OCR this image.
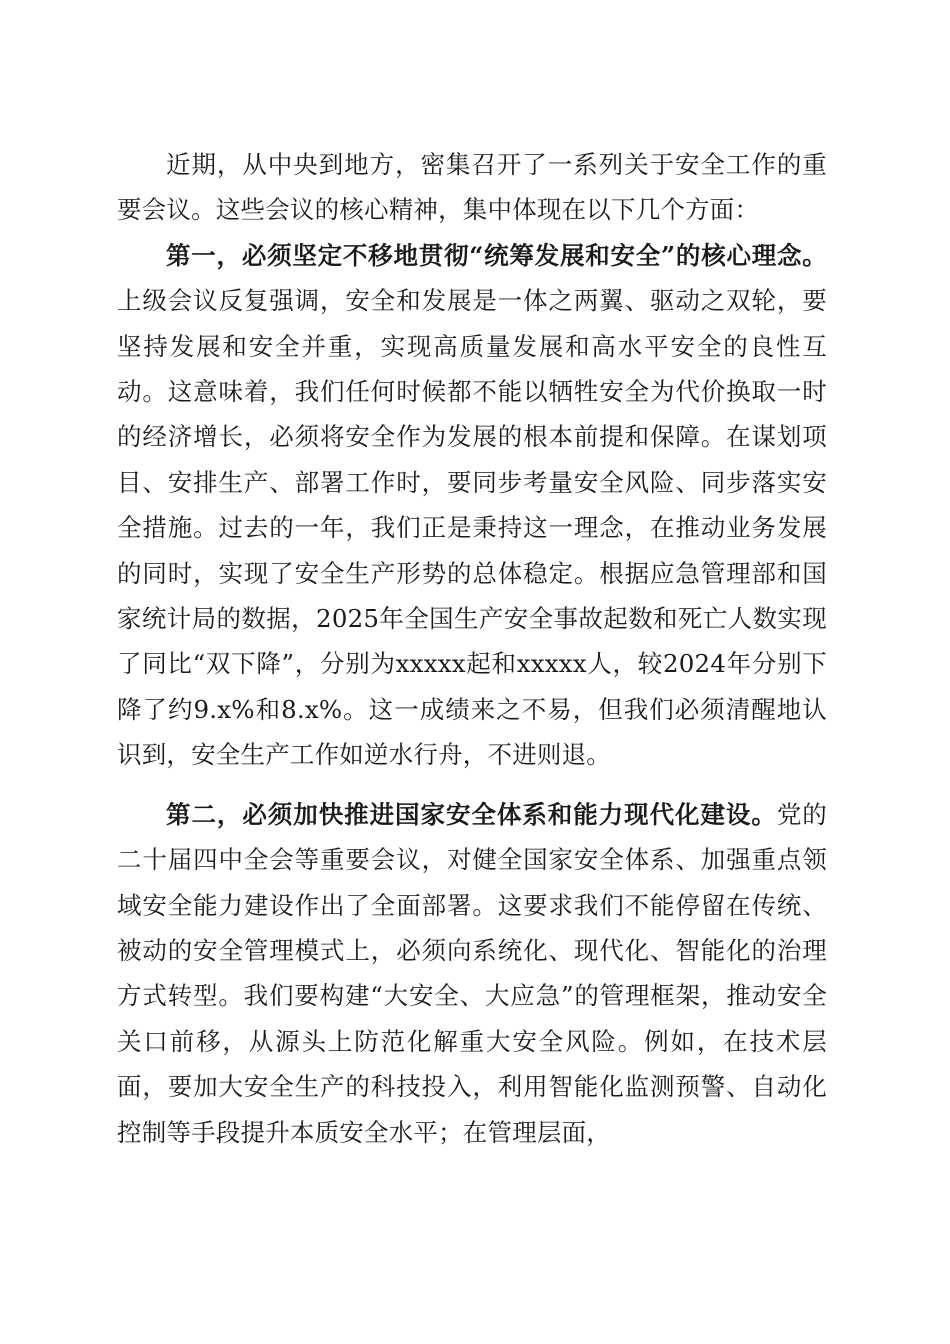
近期，从中央到地方，密集召开了一系列关于安全工作的重要会议。这些会议的核心精神，集中体现在以下几个方面：

第一，必须坚定不移地贯彻“统筹发展和安全”的核心理念。上级会议反复强调，安全和发展是一体之两翼、驱动之双轮，要坚持发展和安全并重，实现高质量发展和高水平安全的良性互动。这意味着，我们任何时候都不能以牺牲安全为代价换取一时的经济增长，必须将安全作为发展的根本前提和保障。在谋划项目、安排生产、部署工作时，要同步考量安全风险、同步落实安全措施。过去的一年，我们正是秉持这一理念，在推动业务发展的同时，实现了安全生产形势的总体稳定。根据应急管理部和国家统计局的数据，2025年全国生产安全事故起数和死亡人数实现了同比“双下降”，分别为xxxxx起和xxxxx人，较2024年分别下降了约9.x%和8.x%。这一成绩来之不易，但我们必须清醒地认识到，安全生产工作如逆水行舟，不进则退。

第二，必须加快推进国家安全体系和能力现代化建设。党的二十届四中全会等重要会议，对健全国家安全体系、加强重点领域安全能力建设作出了全面部署。这要求我们不能停留在传统、被动的安全管理模式上，必须向系统化、现代化、智能化的治理方式转型。我们要构建“大安全、大应急”的管理框架，推动安全关口前移，从源头上防范化解重大安全风险。例如，在技术层面，要加大安全生产的科技投入，利用智能化监测预警、自动化控制等手段提升本质安全水平；在管理层面，
